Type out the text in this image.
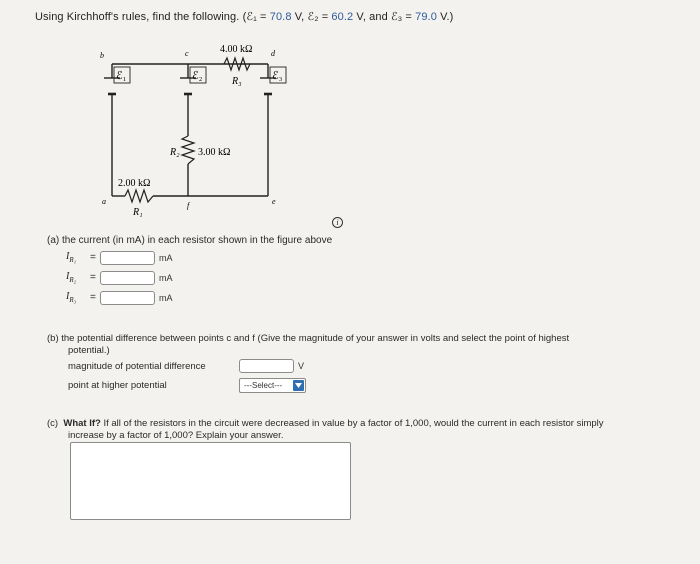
Using Kirchhoff's rules, find the following. (ℰ₁ = 70.8 V, ℰ₂ = 60.2 V, and ℰ₃ = 79.0 V.)
ℰ₁	ℰ₂	ℰ₃
4.00 kΩ
R₃
R₂ 3.00 kΩ
2.00 kΩ
R₁
b	c	d
a	f	e
i
(a) the current (in mA) in each resistor shown in the figure above
$I_{R_1}$ =	mA
$I_{R_2}$ =	mA
$I_{R_3}$ =	mA
(b) the potential difference between points c and f (Give the magnitude of your answer in volts and select the point of highest
potential.)
magnitude of potential difference	V
point at higher potential	---Select---
(c) What If? If all of the resistors in the circuit were decreased in value by a factor of 1,000, would the current in each resistor simply
increase by a factor of 1,000? Explain your answer.
